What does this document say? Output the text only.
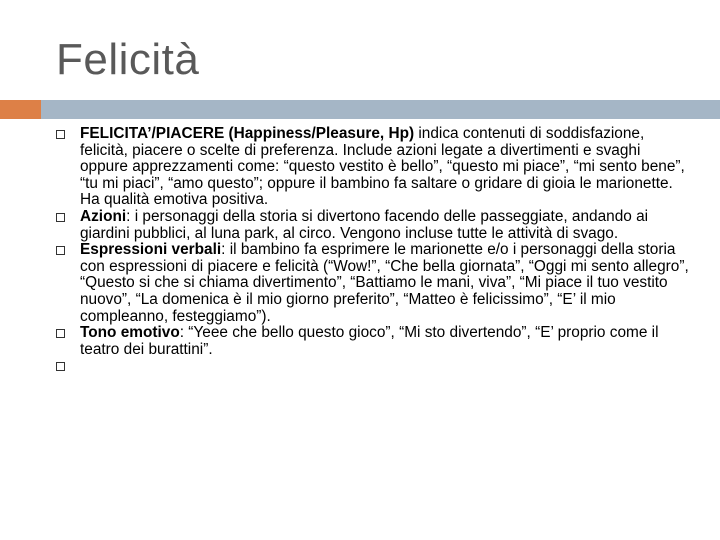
Felicità
FELICITA’/PIACERE (Happiness/Pleasure, Hp) indica contenuti di soddisfazione, felicità, piacere o scelte di preferenza. Include azioni legate a divertimenti e svaghi oppure apprezzamenti come: “questo vestito è bello”, “questo mi piace”, “mi sento bene”, “tu mi piaci”, “amo questo”; oppure il bambino fa saltare o gridare di gioia le marionette. Ha qualità emotiva positiva.
Azioni: i personaggi della storia si divertono facendo delle passeggiate, andando ai giardini pubblici, al luna park, al circo. Vengono incluse tutte le attività di svago.
Espressioni verbali: il bambino fa esprimere le marionette e/o i personaggi della storia con espressioni di piacere e felicità (“Wow!”, “Che bella giornata”, “Oggi mi sento allegro”, “Questo si che si chiama divertimento”, “Battiamo le mani, viva”, “Mi piace il tuo vestito nuovo”, “La domenica è il mio giorno preferito”, “Matteo è felicissimo”, “E’ il mio compleanno, festeggiamo”).
Tono emotivo: “Yeee che bello questo gioco”, “Mi sto divertendo”, “E’ proprio come il teatro dei burattini”.
